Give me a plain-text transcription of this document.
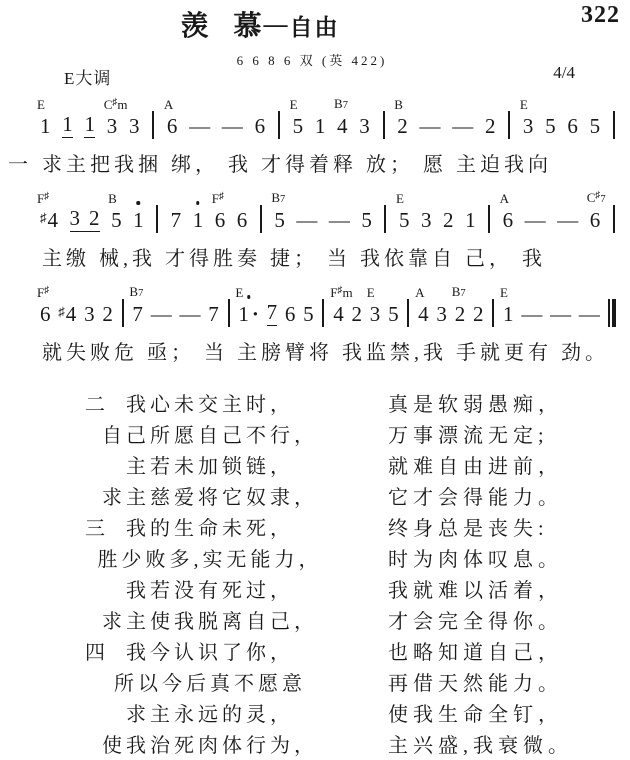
322
羡 慕—自由
6 6 8 6 双 (英 422)
E大调	4/4
1
E
1 1 3
C♯m
3 6
A
— — 6 5
E
1 4
B7
3 2
B
— — 2 3
E
5 6 5
一 求主把我捆 绑， 我 才得着释 放； 愿 主迫我向
♯ 4
F♯
3 2 5
B
1 7 1 6
F♯
6 5
B7
— — 5 5
E
3 2 1 6
A
— — 6
C♯7
主缴 械,我 才得胜奏 捷； 当 我依靠自 己， 我
6
F♯
♯ 4 3 2 7
B7
— — 7 1 ·
E
7 6 5 4
F♯m
2 3
E
5 4
A
3 2
B7
2 1
E
— — —
就失败危 亟； 当 主膀臂将 我监禁,我 手就更有 劲。
二	我心未交主时，	真是软弱愚痴，
自己所愿自己不行，	万事漂流无定;
主若未加锁链，	就难自由进前，
求主慈爱将它奴隶，	它才会得能力。
三	我的生命未死，	终身总是丧失:
胜少败多,实无能力，	时为肉体叹息。
我若没有死过，	我就难以活着，
求主使我脱离自己，	才会完全得你。
四	我今认识了你，	也略知道自己，
所以今后真不愿意	再借天然能力。
求主永远的灵，	使我生命全钉，
使我治死肉体行为，	主兴盛,我衰微。
